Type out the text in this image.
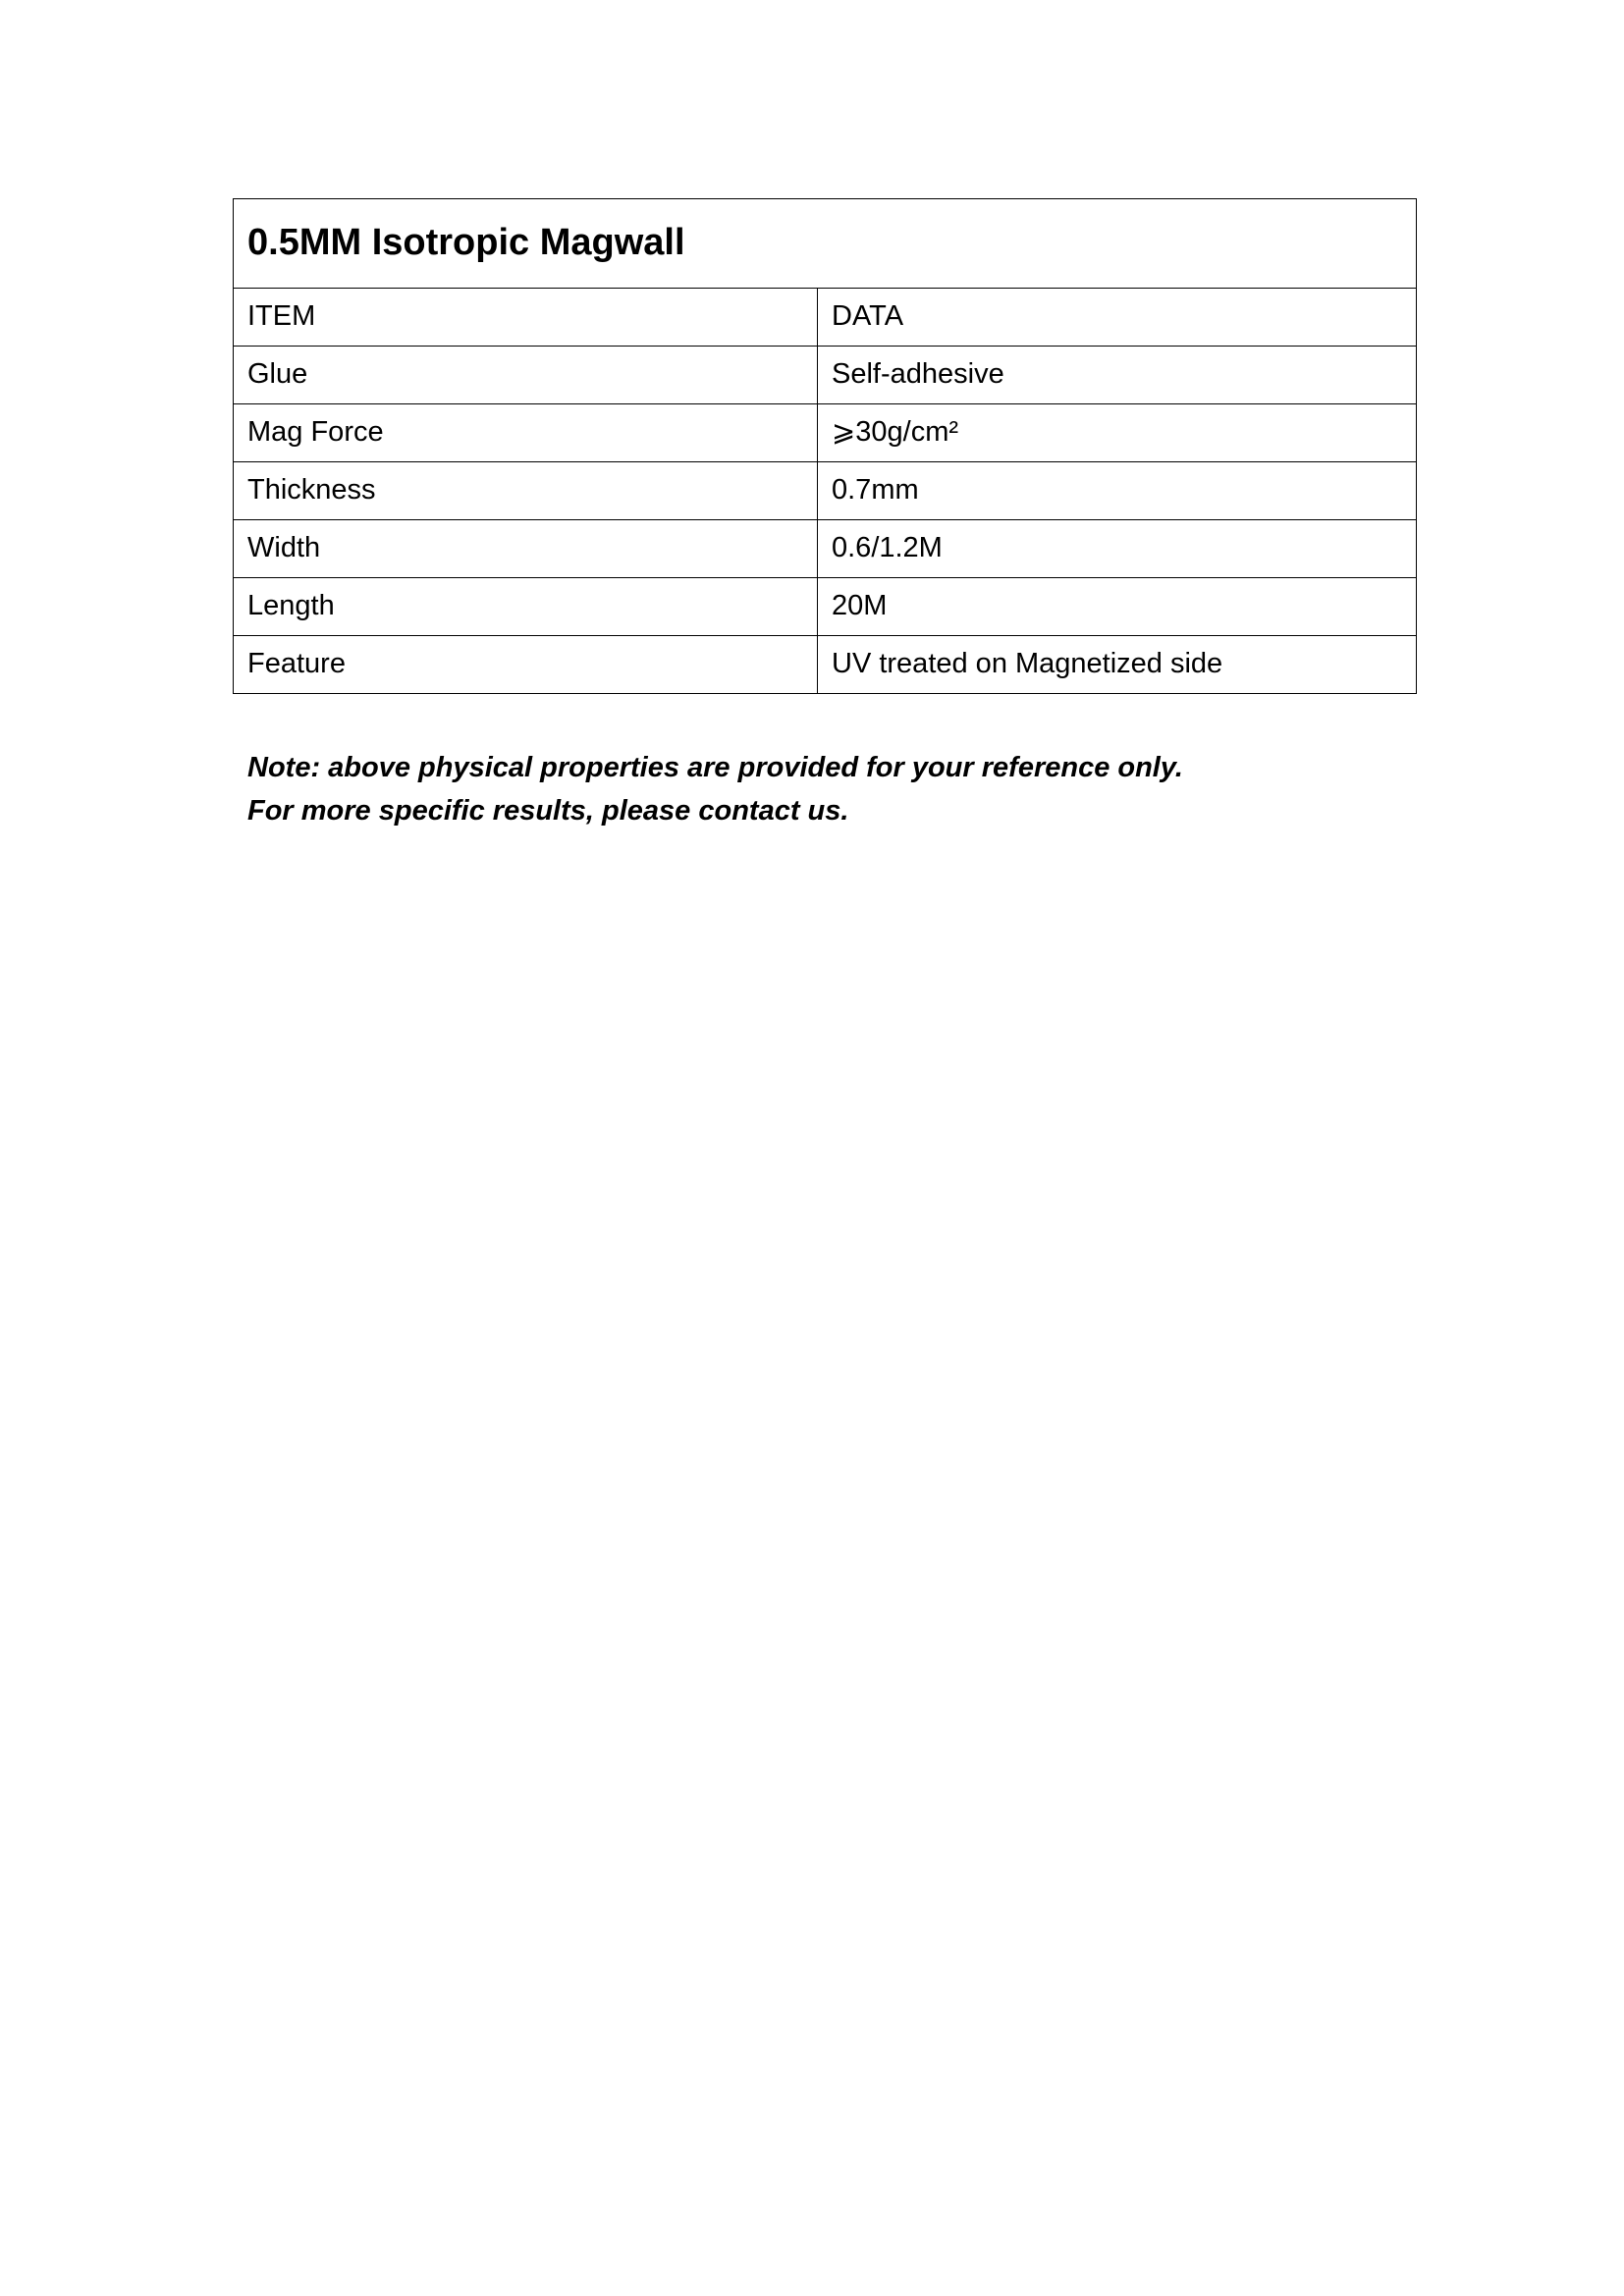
0.5MM Isotropic Magwall	
ITEM	DATA
Glue	Self-adhesive
Mag Force	⩾30g/cm²
Thickness	0.7mm
Width	0.6/1.2M
Length	20M
Feature	UV treated on Magnetized side
Note: above physical properties are provided for your reference only.
For more specific results, please contact us.
